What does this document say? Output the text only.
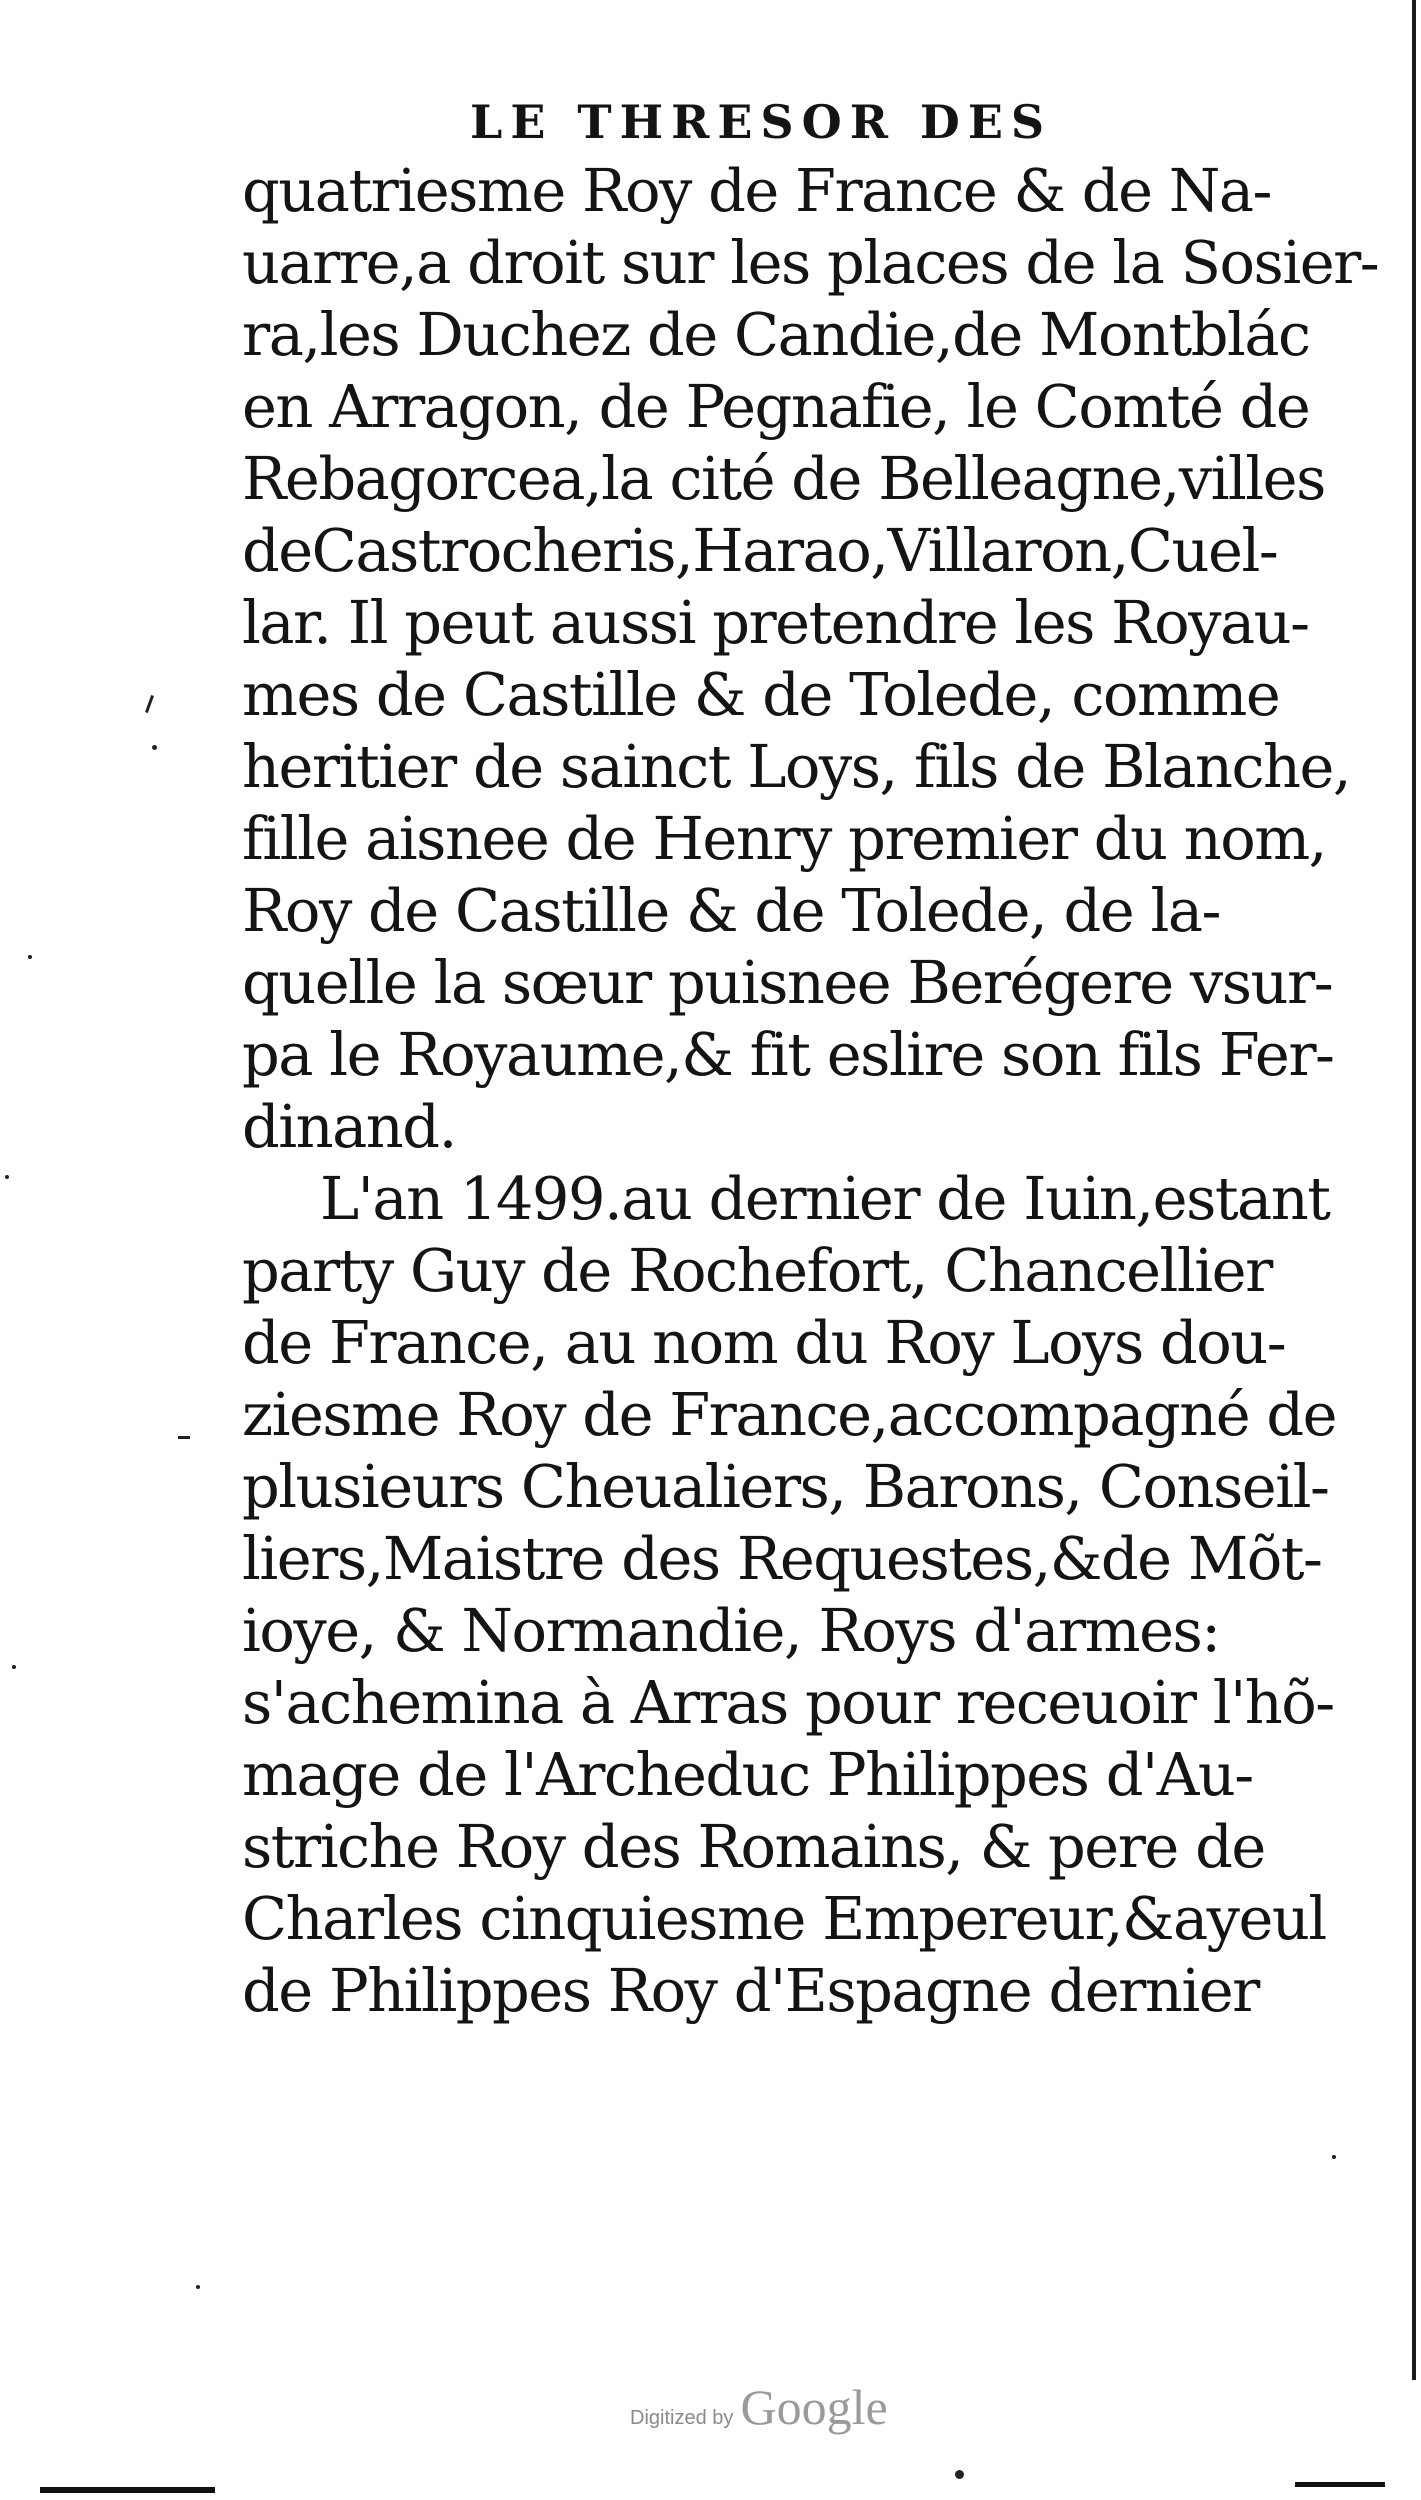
LE THRESOR DES
quatriesme Roy de France & de Na-
uarre,a droit sur les places de la Sosier-
ra,les Duchez de Candie,de Montblác
en Arragon, de Pegnafie, le Comté de
Rebagorcea,la cité de Belleagne,villes
deCastrocheris,Harao,Villaron,Cuel-
lar. Il peut aussi pretendre les Royau-
mes de Castille & de Tolede, comme
heritier de sainct Loys, fils de Blanche,
fille aisnee de Henry premier du nom,
Roy de Castille & de Tolede, de la-
quelle la sœur puisnee Berégere vsur-
pa le Royaume,& fit eslire son fils Fer-
dinand.
L'an 1499.au dernier de Iuin,estant
party Guy de Rochefort, Chancellier
de France, au nom du Roy Loys dou-
ziesme Roy de France,accompagné de
plusieurs Cheualiers, Barons, Conseil-
liers,Maistre des Requestes,&de Mõt-
ioye, & Normandie, Roys d'armes:
s'achemina à Arras pour receuoir l'hõ-
mage de l'Archeduc Philippes d'Au-
striche Roy des Romains, & pere de
Charles cinquiesme Empereur,&ayeul
de Philippes Roy d'Espagne dernier
Digitized by Google
